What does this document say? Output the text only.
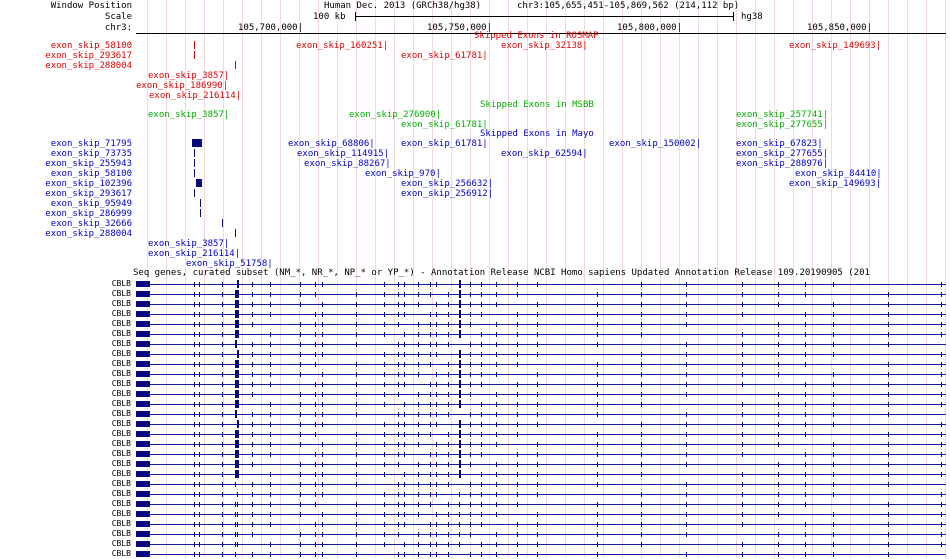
Window Position
Scale
chr3:
Human Dec. 2013 (GRCh38/hg38)	chr3:105,655,451-105,869,562 (214,112 bp)
100 kb	hg38
105,700,000|	105,750,000|	105,800,000|	105,850,000|
Skipped Exons in ROSMAP
exon_skip_58100
exon_skip_293617
exon_skip_288004
exon_skip_160251|	exon_skip_32138|	exon_skip_149693|
exon_skip_61781|
exon_skip_3857|
exon_skip_186990|
exon_skip_216114|
Skipped Exons in MSBB
exon_skip_276900|	exon_skip_257741|
exon_skip_3857|
exon_skip_61781|	exon_skip_277655|
Skipped Exons in Mayo
exon_skip_71795
exon_skip_73735
exon_skip_255943
exon_skip_58100
exon_skip_102396
exon_skip_293617
exon_skip_95949
exon_skip_286999
exon_skip_32666
exon_skip_288004
exon_skip_68806|	exon_skip_61781|	exon_skip_150002|	exon_skip_67823|
exon_skip_114915|	exon_skip_62594|	exon_skip_277655|
exon_skip_88267|	exon_skip_288976|
exon_skip_970|	exon_skip_84410|
exon_skip_256632|	exon_skip_149693|
exon_skip_256912|
exon_skip_3857|
exon_skip_216114|
exon_skip_51758|
Seq genes, curated subset (NM_*, NR_*, NP_* or YP_*) - Annotation Release NCBI Homo sapiens Updated Annotation Release 109.20190905 (201
CBLB
CBLB
CBLB
CBLB
CBLB
CBLB
CBLB
CBLB
CBLB
CBLB
CBLB
CBLB
CBLB
CBLB
CBLB
CBLB
CBLB
CBLB
CBLB
CBLB
CBLB
CBLB
CBLB
CBLB
CBLB
CBLB
CBLB
CBLB
